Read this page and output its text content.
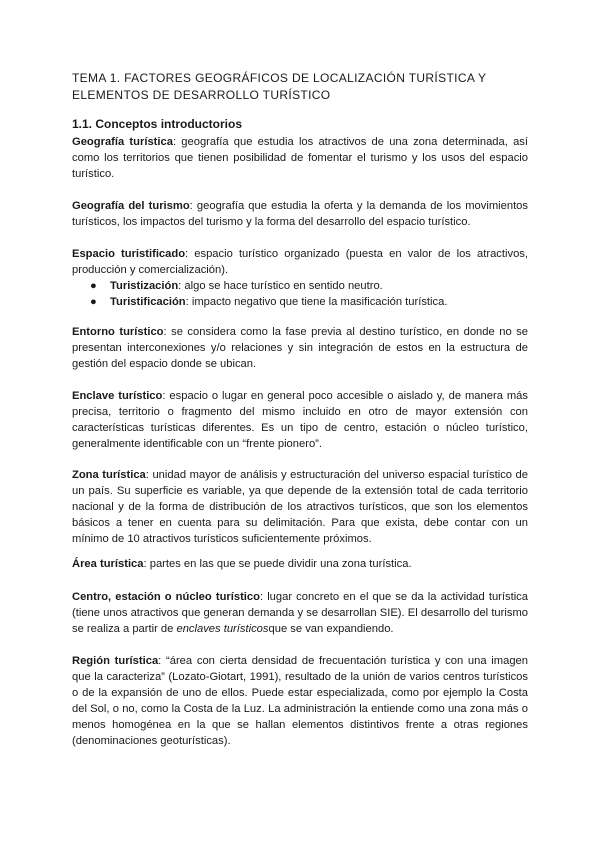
TEMA 1. FACTORES GEOGRÁFICOS DE LOCALIZACIÓN TURÍSTICA Y ELEMENTOS DE DESARROLLO TURÍSTICO
1.1. Conceptos introductorios
Geografía turística: geografía que estudia los atractivos de una zona determinada, así como los territorios que tienen posibilidad de fomentar el turismo y los usos del espacio turístico.
Geografía del turismo: geografía que estudia la oferta y la demanda de los movimientos turísticos, los impactos del turismo y la forma del desarrollo del espacio turístico.
Espacio turistificado: espacio turístico organizado (puesta en valor de los atractivos, producción y comercialización).
● Turistización: algo se hace turístico en sentido neutro.
● Turistificación: impacto negativo que tiene la masificación turística.
Entorno turístico: se considera como la fase previa al destino turístico, en donde no se presentan interconexiones y/o relaciones y sin integración de estos en la estructura de gestión del espacio donde se ubican.
Enclave turístico: espacio o lugar en general poco accesible o aislado y, de manera más precisa, territorio o fragmento del mismo incluido en otro de mayor extensión con características turísticas diferentes. Es un tipo de centro, estación o núcleo turístico, generalmente identificable con un “frente pionero”.
Zona turística: unidad mayor de análisis y estructuración del universo espacial turístico de un país. Su superficie es variable, ya que depende de la extensión total de cada territorio nacional y de la forma de distribución de los atractivos turísticos, que son los elementos básicos a tener en cuenta para su delimitación. Para que exista, debe contar con un mínimo de 10 atractivos turísticos suficientemente próximos.
Área turística: partes en las que se puede dividir una zona turística.
Centro, estación o núcleo turístico: lugar concreto en el que se da la actividad turística (tiene unos atractivos que generan demanda y se desarrollan SIE). El desarrollo del turismo se realiza a partir de enclaves turísticosque se van expandiendo.
Región turística: “área con cierta densidad de frecuentación turística y con una imagen que la caracteriza” (Lozato-Giotart, 1991), resultado de la unión de varios centros turísticos o de la expansión de uno de ellos. Puede estar especializada, como por ejemplo la Costa del Sol, o no, como la Costa de la Luz. La administración la entiende como una zona más o menos homogénea en la que se hallan elementos distintivos frente a otras regiones (denominaciones geoturísticas).
